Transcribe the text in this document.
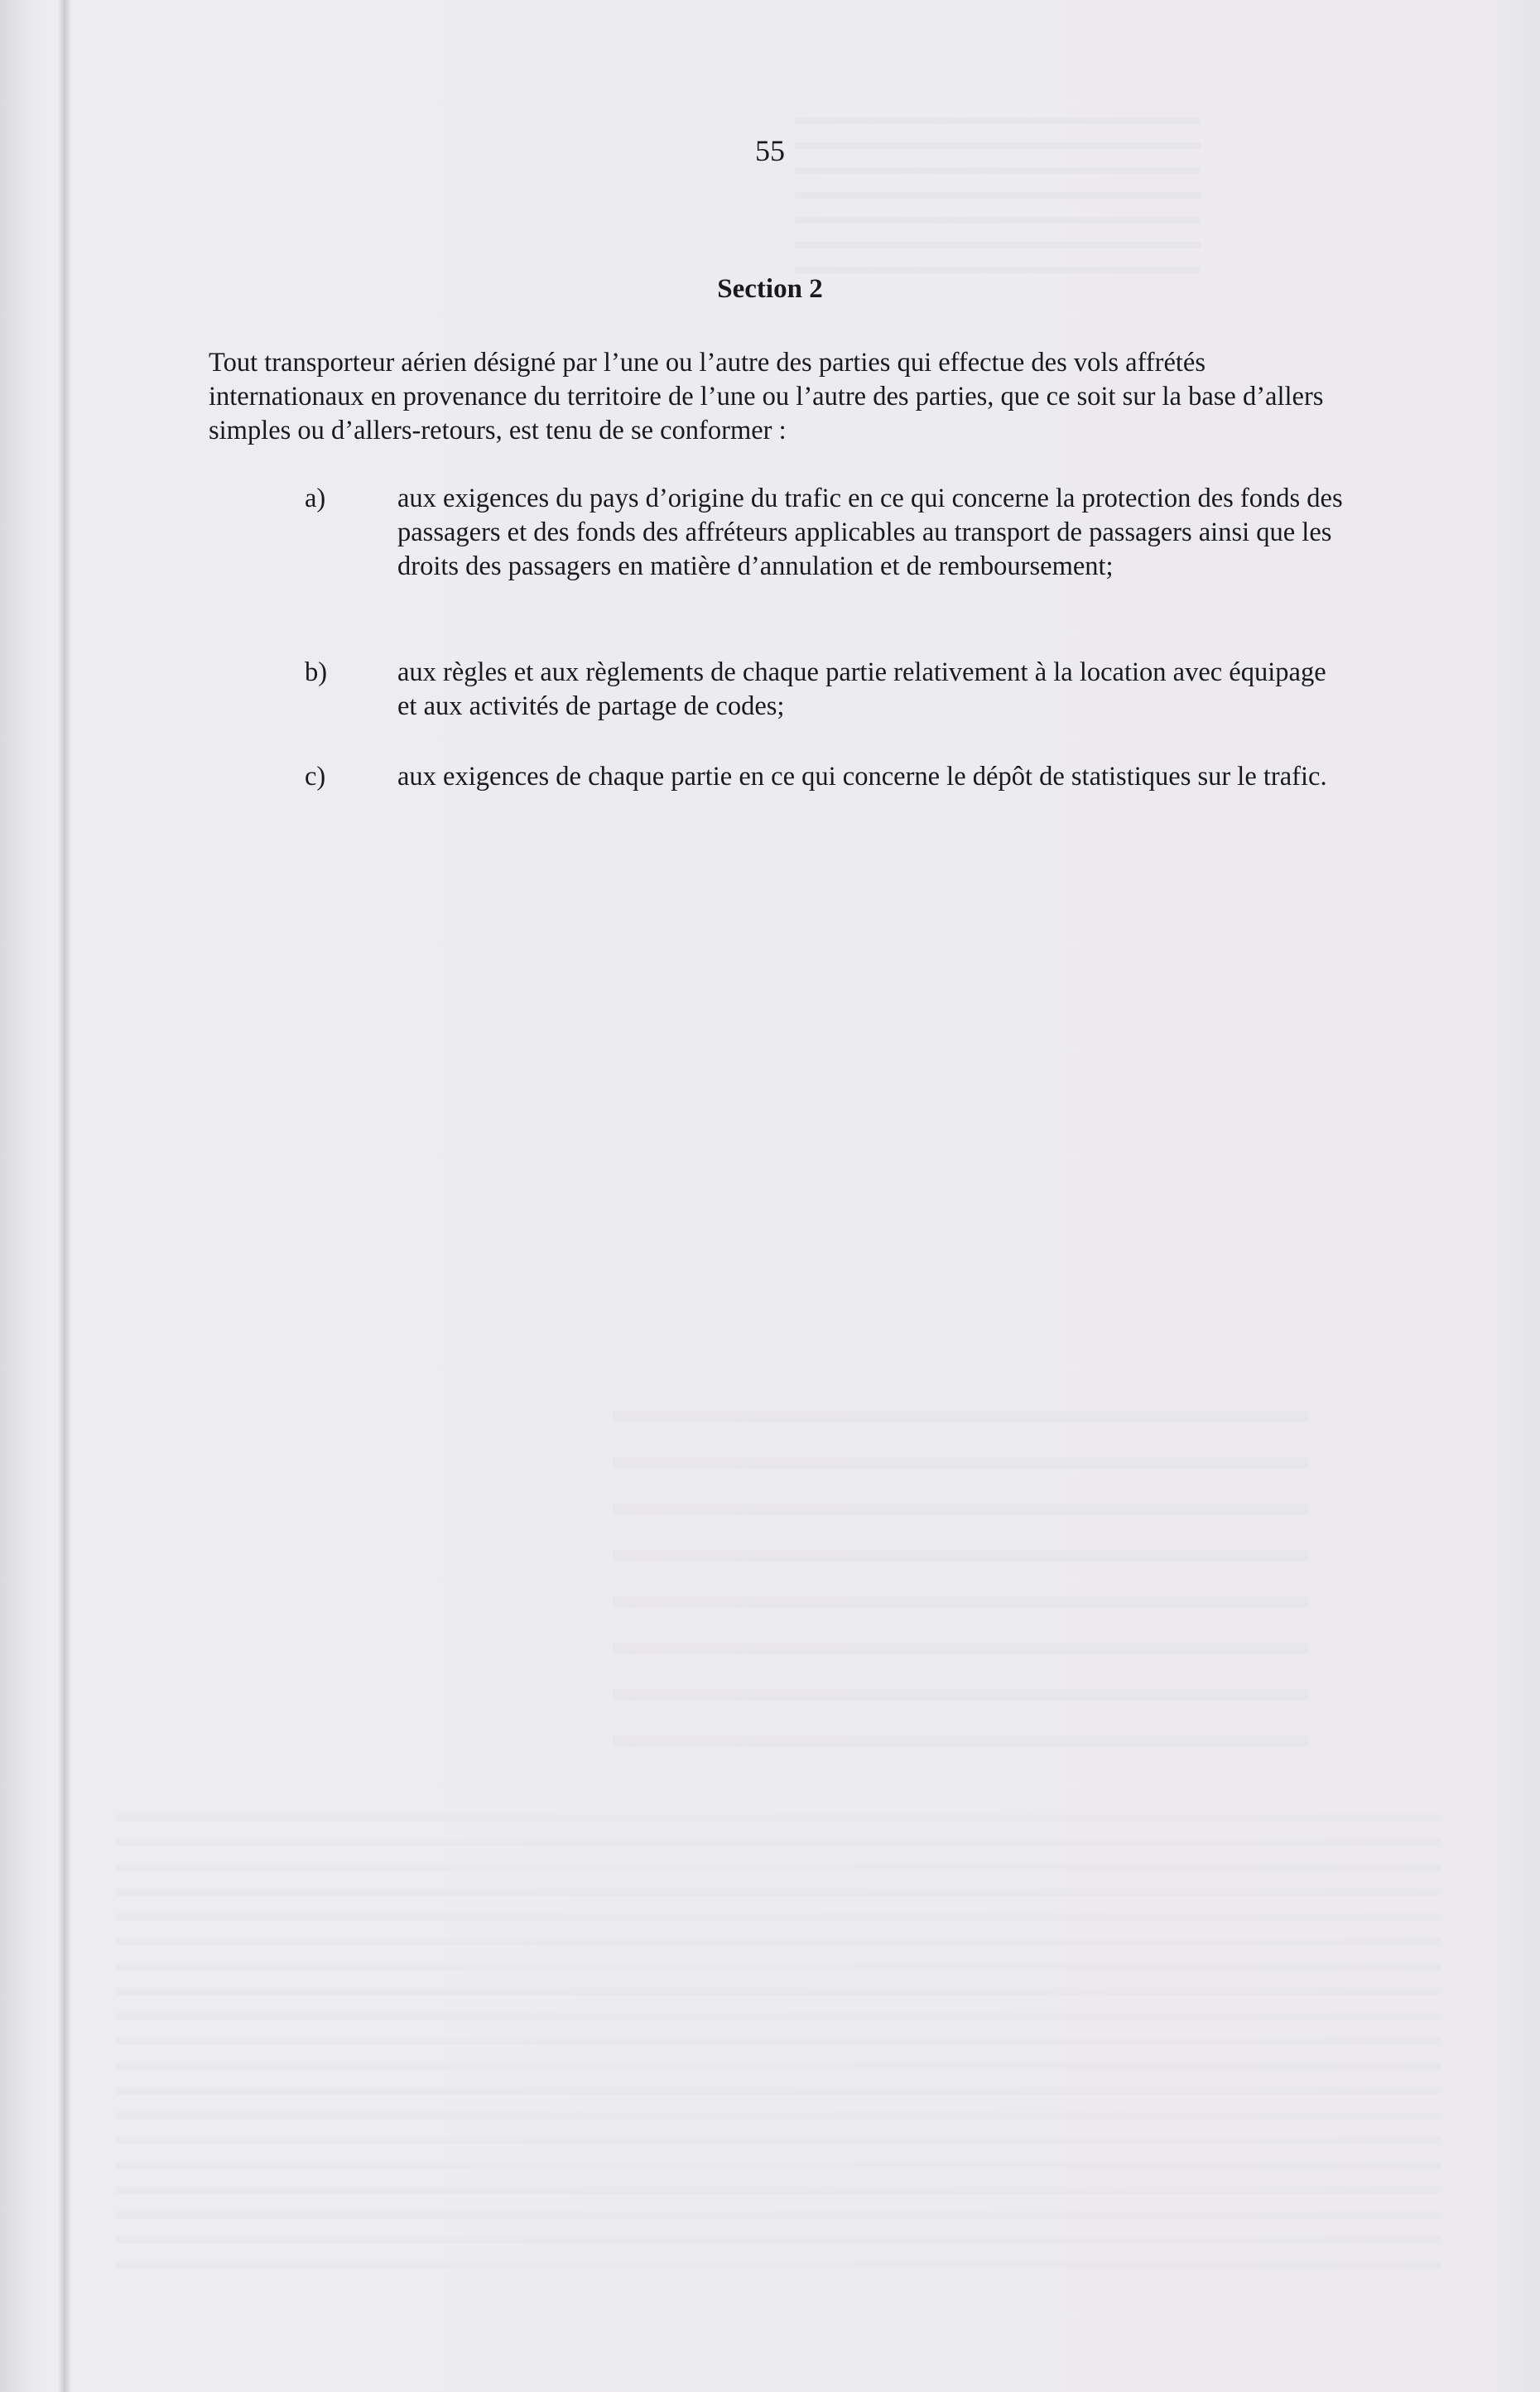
55
Section 2

Tout transporteur aérien désigné par l’une ou l’autre des parties qui effectue des vols affrétés internationaux en provenance du territoire de l’une ou l’autre des parties, que ce soit sur la base d’allers simples ou d’allers-retours, est tenu de se conformer :

a)	aux exigences du pays d’origine du trafic en ce qui concerne la protection des fonds des passagers et des fonds des affréteurs applicables au transport de passagers ainsi que les droits des passagers en matière d’annulation et de remboursement;

b)	aux règles et aux règlements de chaque partie relativement à la location avec équipage et aux activités de partage de codes;

c)	aux exigences de chaque partie en ce qui concerne le dépôt de statistiques sur le trafic.
